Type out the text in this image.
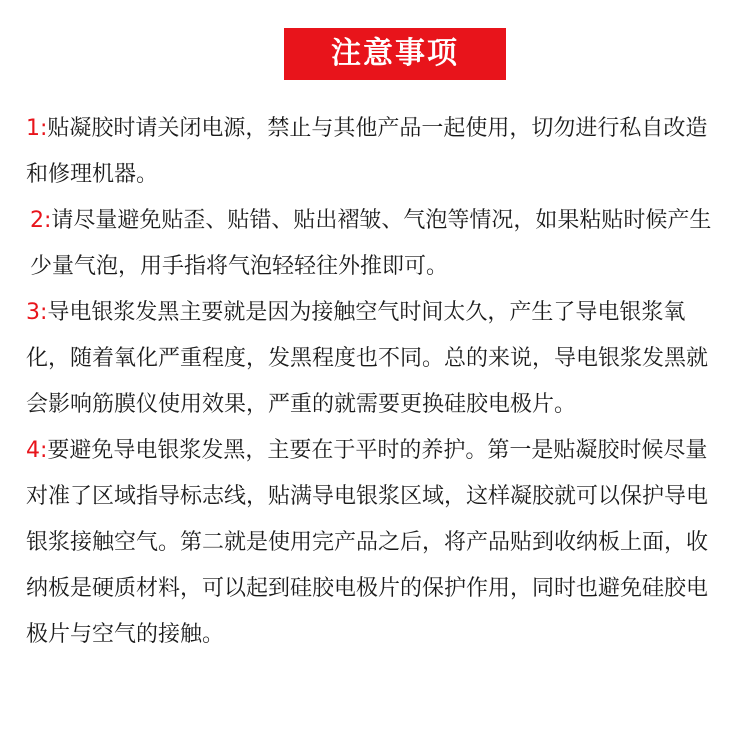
注意事项

1:贴凝胶时请关闭电源，禁止与其他产品一起使用，切勿进行私自改造和修理机器。

2:请尽量避免贴歪、贴错、贴出褶皱、气泡等情况，如果粘贴时候产生少量气泡，用手指将气泡轻轻往外推即可。

3:导电银浆发黑主要就是因为接触空气时间太久，产生了导电银浆氧化，随着氧化严重程度，发黑程度也不同。总的来说，导电银浆发黑就会影响筋膜仪使用效果，严重的就需要更换硅胶电极片。

4:要避免导电银浆发黑，主要在于平时的养护。第一是贴凝胶时候尽量对准了区域指导标志线，贴满导电银浆区域，这样凝胶就可以保护导电银浆接触空气。第二就是使用完产品之后，将产品贴到收纳板上面，收纳板是硬质材料，可以起到硅胶电极片的保护作用，同时也避免硅胶电极片与空气的接触。
